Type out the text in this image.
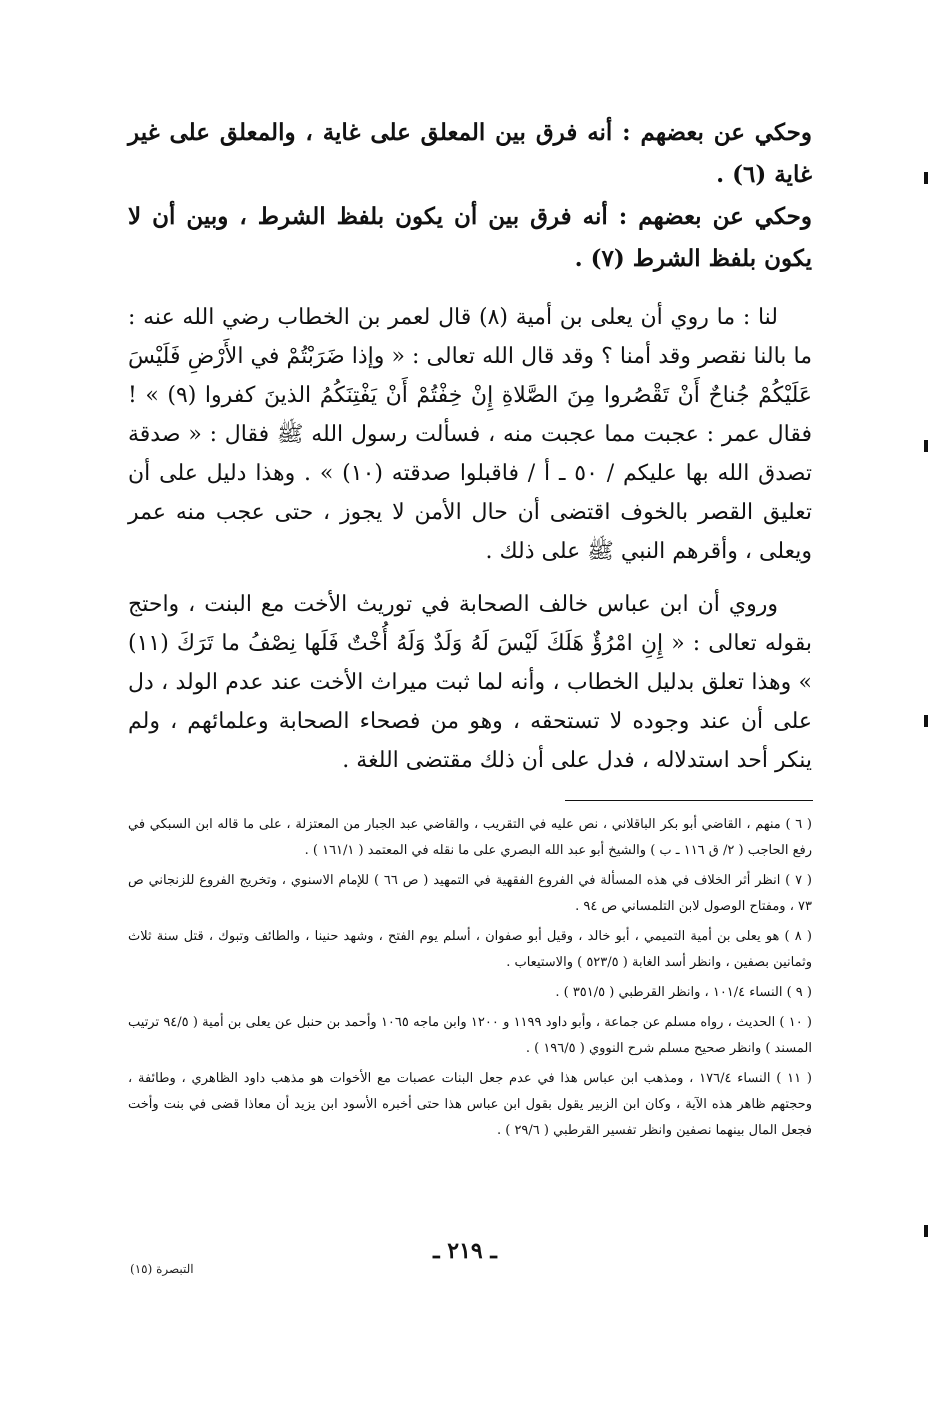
وحكي عن بعضهم : أنه فرق بين المعلق على غاية ، والمعلق على غير غاية (٦) .

وحكي عن بعضهم : أنه فرق بين أن يكون بلفظ الشرط ، وبين أن لا يكون بلفظ الشرط (٧) .

لنا : ما روي أن يعلى بن أمية (٨) قال لعمر بن الخطاب رضي الله عنه : ما بالنا نقصر وقد أمنا ؟ وقد قال الله تعالى : « وإذا ضَرَبْتُمْ في الأَرْضِ فَلَيْسَ عَلَيْكُمْ جُناحٌ أَنْ تَقْصُروا مِنَ الصَّلاةِ إِنْ خِفْتُمْ أَنْ يَفْتِنَكُمُ الذينَ كفروا (٩) » ! فقال عمر : عجبت مما عجبت منه ، فسألت رسول الله ﷺ فقال : « صدقة تصدق الله بها عليكم / ٥٠ ـ أ / فاقبلوا صدقته (١٠) » . وهذا دليل على أن تعليق القصر بالخوف اقتضى أن حال الأمن لا يجوز ، حتى عجب منه عمر ويعلى ، وأقرهم النبي ﷺ على ذلك .

وروي أن ابن عباس خالف الصحابة في توريث الأخت مع البنت ، واحتج بقوله تعالى : « إِنِ امْرُؤٌ هَلَكَ لَيْسَ لَهُ وَلَدٌ وَلَهُ أُخْتٌ فَلَها نِصْفُ ما تَرَكَ (١١) » وهذا تعلق بدليل الخطاب ، وأنه لما ثبت ميراث الأخت عند عدم الولد ، دل على أن عند وجوده لا تستحقه ، وهو من فصحاء الصحابة وعلمائهم ، ولم ينكر أحد استدلاله ، فدل على أن ذلك مقتضى اللغة .

( ٦ ) منهم ، القاضي أبو بكر الباقلاني ، نص عليه في التقريب ، والقاضي عبد الجبار من المعتزلة ، على ما قاله ابن السبكي في رفع الحاجب ( ٢/ ق ١١٦ ـ ب ) والشيخ أبو عبد الله البصري على ما نقله في المعتمد ( ١٦١/١ ) .

( ٧ ) انظر أثر الخلاف في هذه المسألة في الفروع الفقهية في التمهيد ( ص ٦٦ ) للإمام الاسنوي ، وتخريج الفروع للزنجاني ص ٧٣ ، ومفتاح الوصول لابن التلمساني ص ٩٤ .

( ٨ ) هو يعلى بن أمية التميمي ، أبو خالد ، وقيل أبو صفوان ، أسلم يوم الفتح ، وشهد حنينا ، والطائف وتبوك ، قتل سنة ثلاث وثمانين بصفين ، وانظر أسد الغابة ( ٥٢٣/٥ ) والاستيعاب .

( ٩ ) النساء ١٠١/٤ ، وانظر القرطبي ( ٣٥١/٥ ) .

( ١٠ ) الحديث ، رواه مسلم عن جماعة ، وأبو داود ١١٩٩ و ١٢٠٠ وابن ماجه ١٠٦٥ وأحمد بن حنبل عن يعلى بن أمية ( ٩٤/٥ ترتيب المسند ) وانظر صحيح مسلم شرح النووي ( ١٩٦/٥ ) .

( ١١ ) النساء ١٧٦/٤ ، ومذهب ابن عباس هذا في عدم جعل البنات عصبات مع الأخوات هو مذهب داود الظاهري ، وطائفة ، وحجتهم ظاهر هذه الآية ، وكان ابن الزبير يقول بقول ابن عباس هذا حتى أخبره الأسود ابن يزيد أن معاذا قضى في بنت وأخت فجعل المال بينهما نصفين وانظر تفسير القرطبي ( ٢٩/٦ ) .

ـ ٢١٩ ـ
التبصرة (١٥)
